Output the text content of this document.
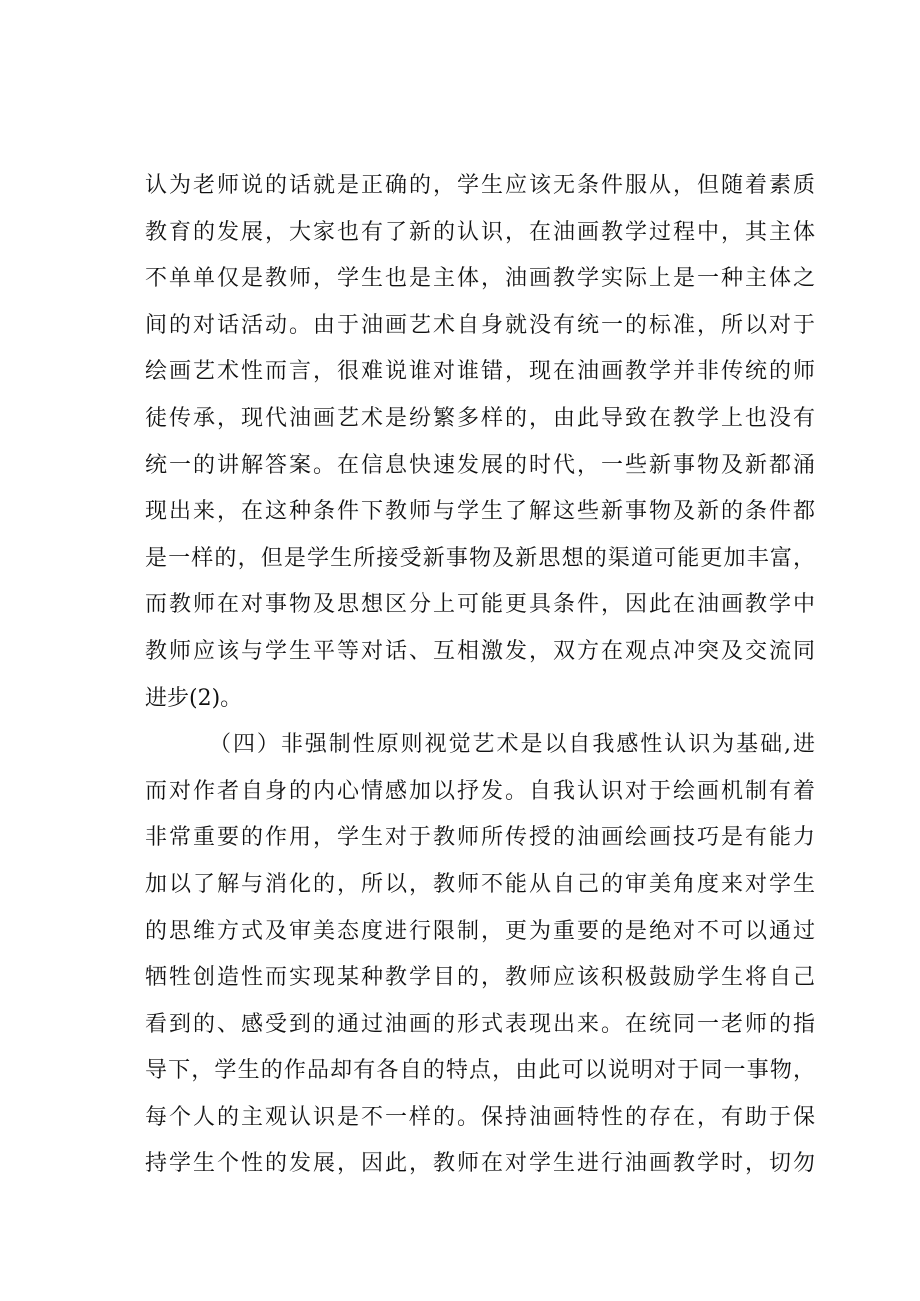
认为老师说的话就是正确的，学生应该无条件服从，但随着素质
教育的发展，大家也有了新的认识，在油画教学过程中，其主体
不单单仅是教师，学生也是主体，油画教学实际上是一种主体之
间的对话活动。由于油画艺术自身就没有统一的标准，所以对于
绘画艺术性而言，很难说谁对谁错，现在油画教学并非传统的师
徒传承，现代油画艺术是纷繁多样的，由此导致在教学上也没有
统一的讲解答案。在信息快速发展的时代，一些新事物及新都涌
现出来，在这种条件下教师与学生了解这些新事物及新的条件都
是一样的，但是学生所接受新事物及新思想的渠道可能更加丰富，
而教师在对事物及思想区分上可能更具条件，因此在油画教学中
教师应该与学生平等对话、互相激发，双方在观点冲突及交流同
进步(2)。
（四）非强制性原则视觉艺术是以自我感性认识为基础,进
而对作者自身的内心情感加以抒发。自我认识对于绘画机制有着
非常重要的作用，学生对于教师所传授的油画绘画技巧是有能力
加以了解与消化的，所以，教师不能从自己的审美角度来对学生
的思维方式及审美态度进行限制，更为重要的是绝对不可以通过
牺牲创造性而实现某种教学目的，教师应该积极鼓励学生将自己
看到的、感受到的通过油画的形式表现出来。在统同一老师的指
导下，学生的作品却有各自的特点，由此可以说明对于同一事物，
每个人的主观认识是不一样的。保持油画特性的存在，有助于保
持学生个性的发展，因此，教师在对学生进行油画教学时，切勿
